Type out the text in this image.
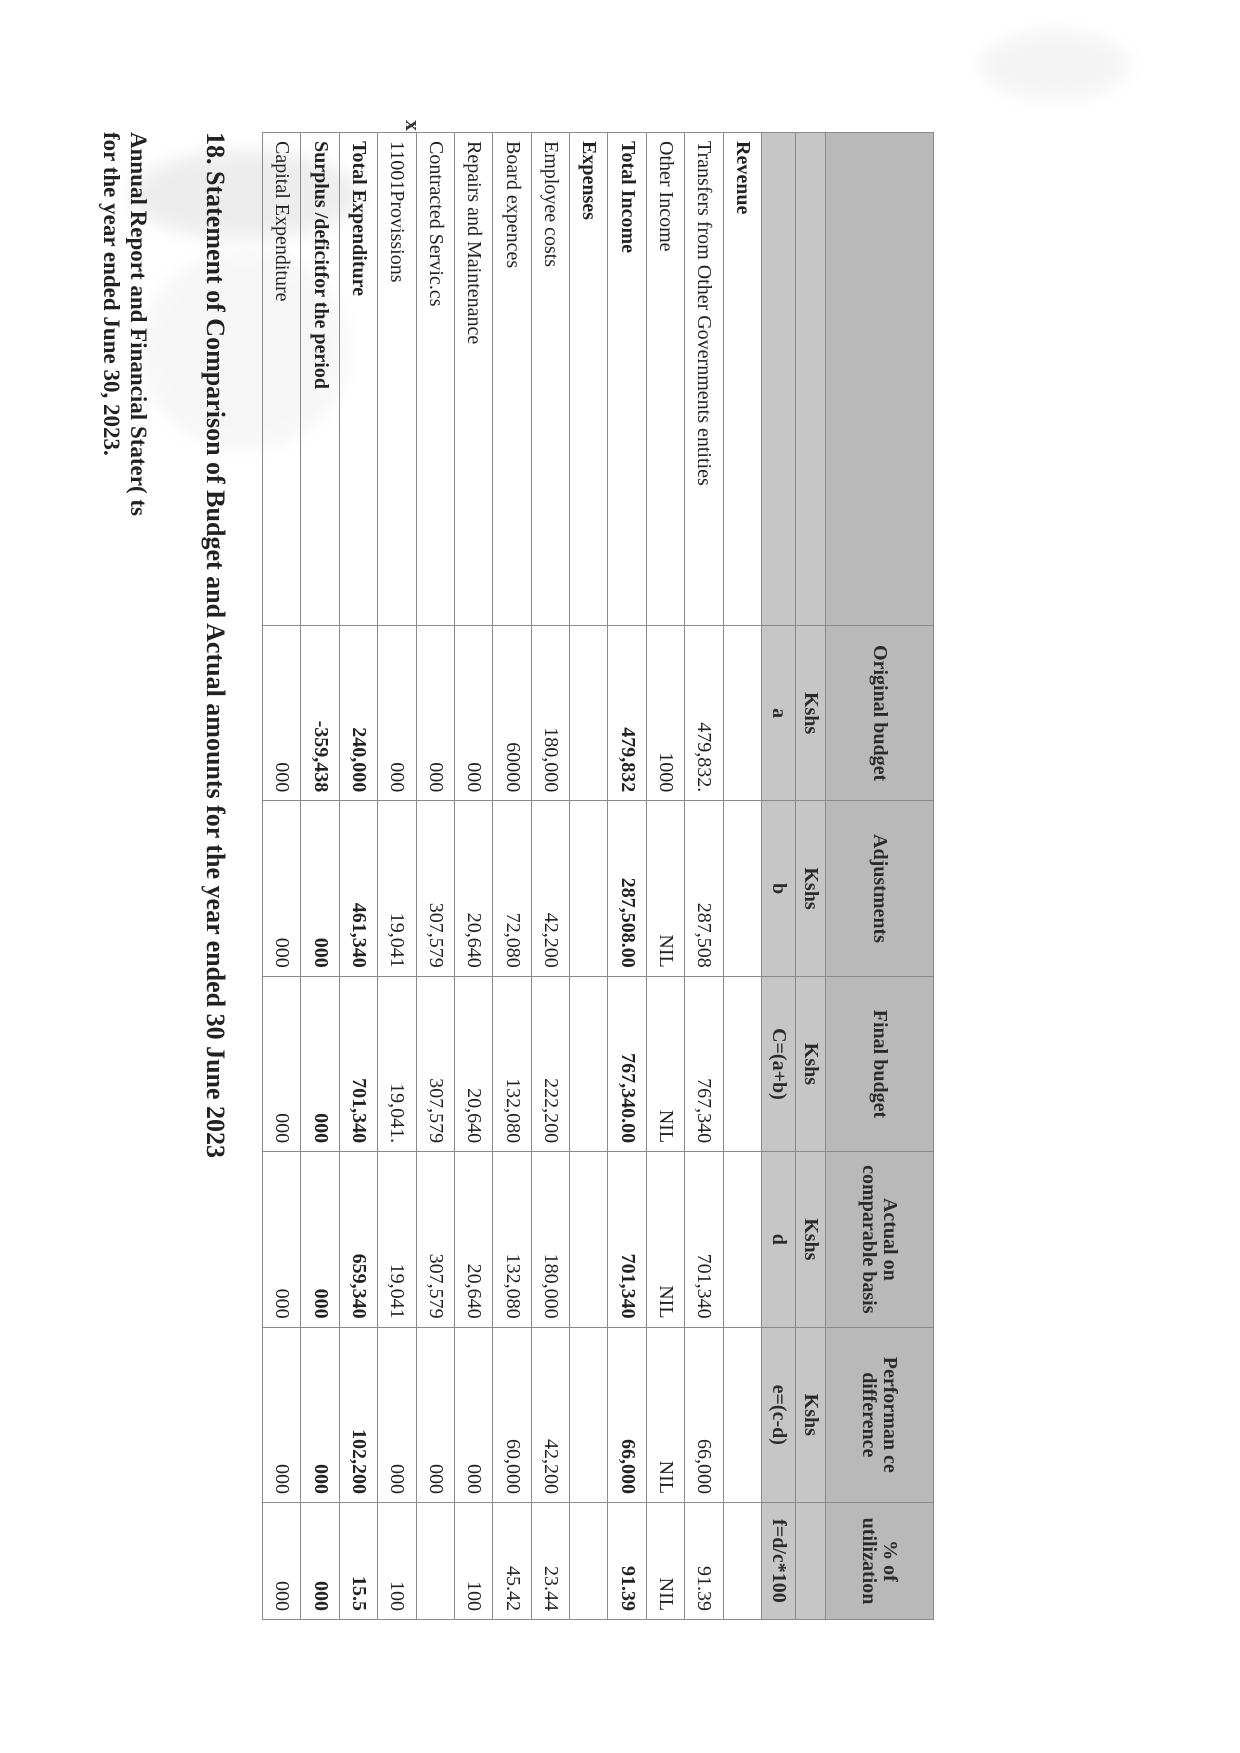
Annual Report and Financial Stater( ts
for the year ended June 30, 2023.	18. Statement of Comparison of Budget and Actual amounts for the year ended 30 June 2023
		Original budget	Adjustments	Final budget	Actual on comparable basis	Performan ce difference	% of utilization
	Kshs	Kshs	Kshs	Kshs	Kshs	
	a	b	C=(a+b)	d	e=(c-d)	f=d/c*100
Revenue						
Transfers from Other Governments entities	479,832.	287,508	767,340	701,340	66,000	91.39
Other Income	1000	NIL	NIL	NIL	NIL	NIL
Total Income	479,832	287,508.00	767,340.00	701,340	66,000	91.39
Expenses						
Employee costs	180,000	42,200	222,200	180,000	42,200	23.44
Board expences	60000	72,080	132,080	132,080	60,000	45.42
Repairs and Maintenance	000	20,640	20,640	20,640	000	100
Contracted Servic.cs	000	307,579	307,579	307,579	000	
11001Provissions	000	19,041	19,041.	19,041	000	100
Total Expenditure	240,000	461,340	701,340	659,340	102,200	15.5
Surplus /deficitfor the period	-359,438	000	000	000	000	000
Capital Expenditure	000	000	000	000	000	000
x
